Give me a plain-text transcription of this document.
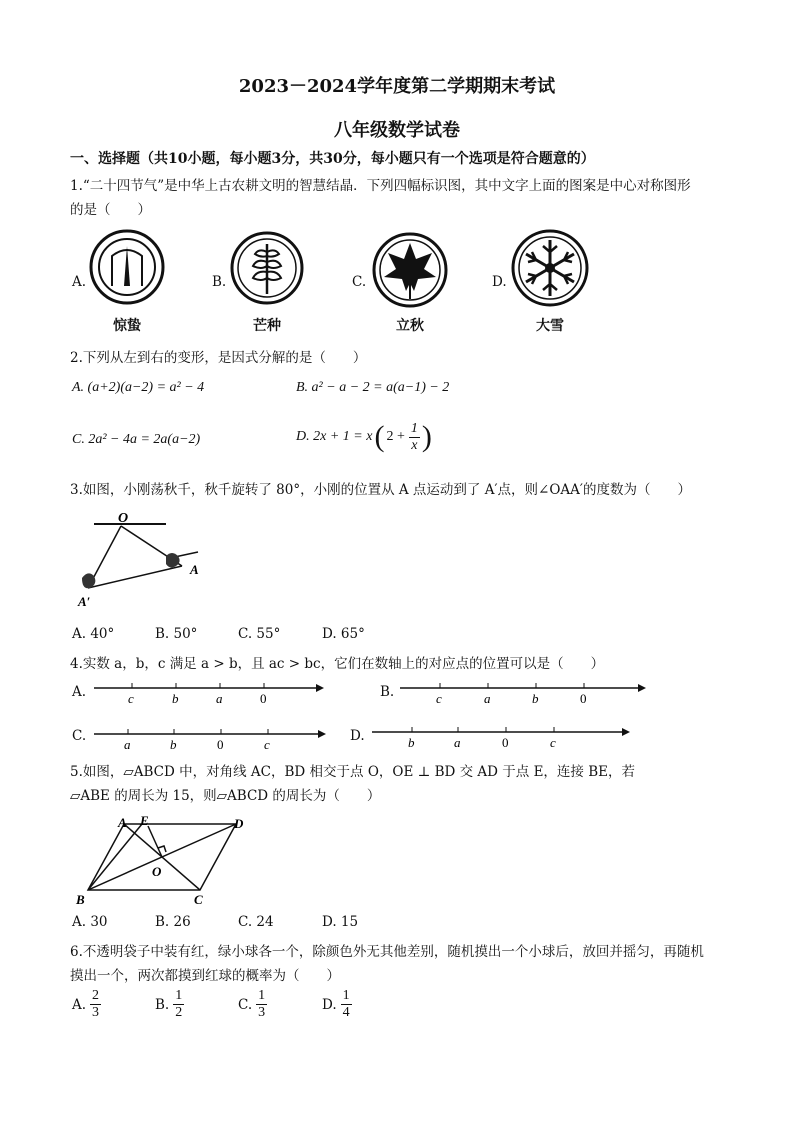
2023－2024学年度第二学期期末考试
八年级数学试卷
一、选择题（共10小题，每小题3分，共30分，每小题只有一个选项是符合题意的）
1.“二十四节气”是中华上古农耕文明的智慧结晶．下列四幅标识图，其中文字上面的图案是中心对称图形
的是（　　）
A.	B.	C.	D.
惊蛰	芒种	立秋	大雪
2.下列从左到右的变形，是因式分解的是（　　）
A. (a+2)(a−2) = a² − 4	B. a² − a − 2 = a(a−1) − 2
C. 2a² − 4a = 2a(a−2)	D. 2x + 1 = x ( $2 + \frac{1}{x}$ )
3.如图，小刚荡秋千，秋千旋转了 80°，小刚的位置从 A 点运动到了 A′点，则∠OAA′的度数为（　　）
O
A
A′
A. 40°	B. 50°	C. 55°	D. 65°
4.实数 a，b，c 满足 a > b，且 ac > bc，它们在数轴上的对应点的位置可以是（　　）
A.	c	b	a	0	B.	c	a	b	0
C.
a	b	0	c
D.	b	a	0	c
5.如图，▱ABCD 中，对角线 AC，BD 相交于点 O，OE ⊥ BD 交 AD 于点 E，连接 BE，若
▱ABE 的周长为 15，则▱ABCD 的周长为（　　）
A E	D
O
B	C
A. 30	B. 26	C. 24	D. 15
6.不透明袋子中装有红，绿小球各一个，除颜色外无其他差别，随机摸出一个小球后，放回并摇匀，再随机
摸出一个，两次都摸到红球的概率为（　　）
A. $\frac{2}{3}$	B. $\frac{1}{2}$	C. $\frac{1}{3}$	D. $\frac{1}{4}$
